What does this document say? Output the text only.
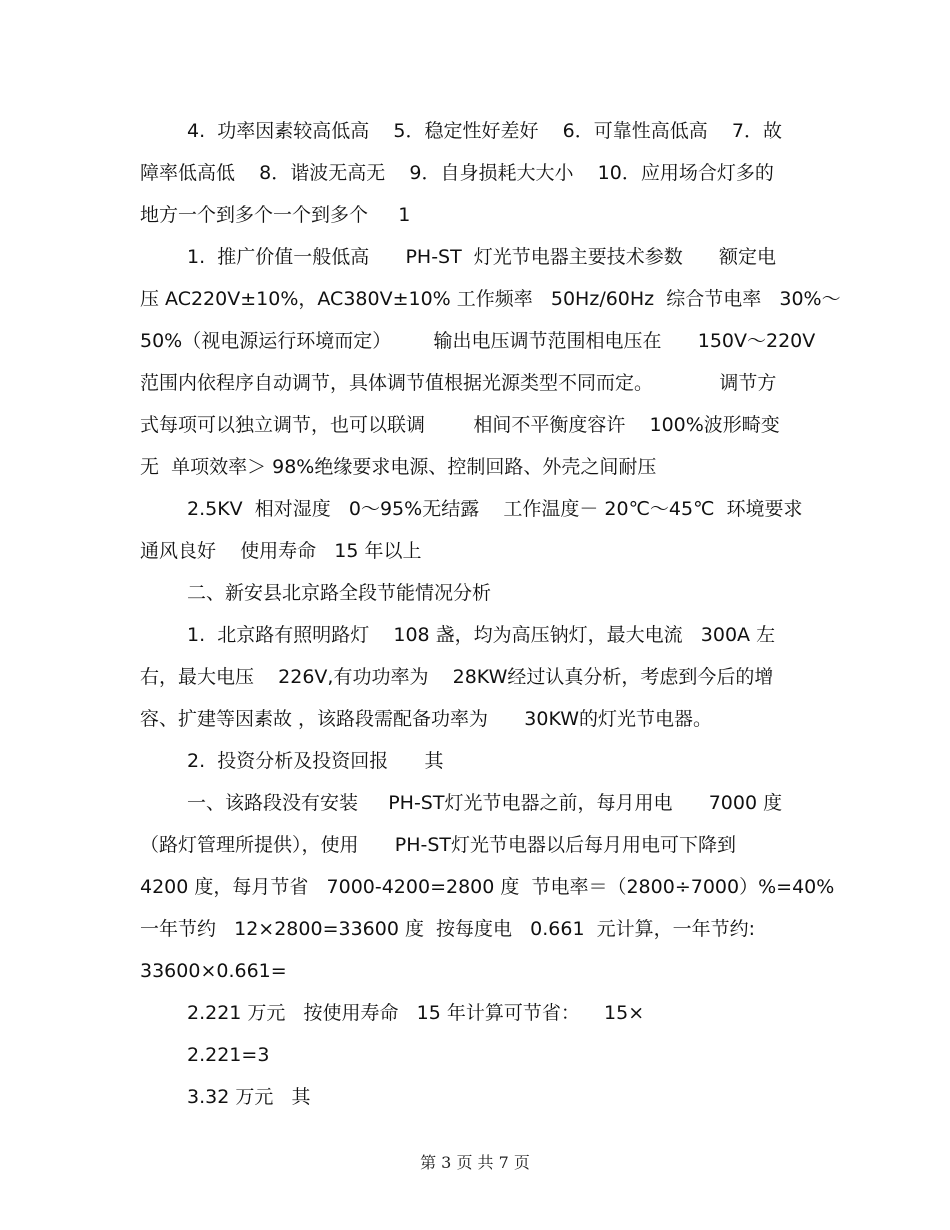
4.  功率因素较高低高    5．稳定性好差好    6．可靠性高低高    7．故
障率低高低    8．谐波无高无    9．自身损耗大大小    10．应用场合灯多的
地方一个到多个一个到多个     1
1.  推广价值一般低高      PH-ST  灯光节电器主要技术参数      额定电
压 AC220V±10%，AC380V±10% 工作频率   50Hz/60Hz  综合节电率   30%～
50%（视电源运行环境而定）       输出电压调节范围相电压在      150V～220V
范围内依程序自动调节，具体调节值根据光源类型不同而定。           调节方
式每项可以独立调节，也可以联调        相间不平衡度容许    100%波形畸变
无  单项效率＞ 98%绝缘要求电源、控制回路、外壳之间耐压
2.5KV  相对湿度   0～95%无结露    工作温度－ 20℃～45℃  环境要求
通风良好    使用寿命   15 年以上
二、新安县北京路全段节能情况分析
1.  北京路有照明路灯    108 盏，均为高压钠灯，最大电流   300A 左
右，最大电压    226V,有功功率为    28KW经过认真分析，考虑到今后的增
容、扩建等因素故 ，该路段需配备功率为      30KW的灯光节电器。
2.  投资分析及投资回报      其
一、该路段没有安装     PH-ST灯光节电器之前，每月用电      7000 度
（路灯管理所提供），使用      PH-ST灯光节电器以后每月用电可下降到
4200 度，每月节省   7000-4200=2800 度  节电率＝（2800÷7000）%=40%
一年节约   12×2800=33600 度  按每度电   0.661  元计算，一年节约:
33600×0.661=
2.221 万元   按使用寿命   15 年计算可节省：    15×
2.221=3
3.32 万元   其
第 3 页 共 7 页
